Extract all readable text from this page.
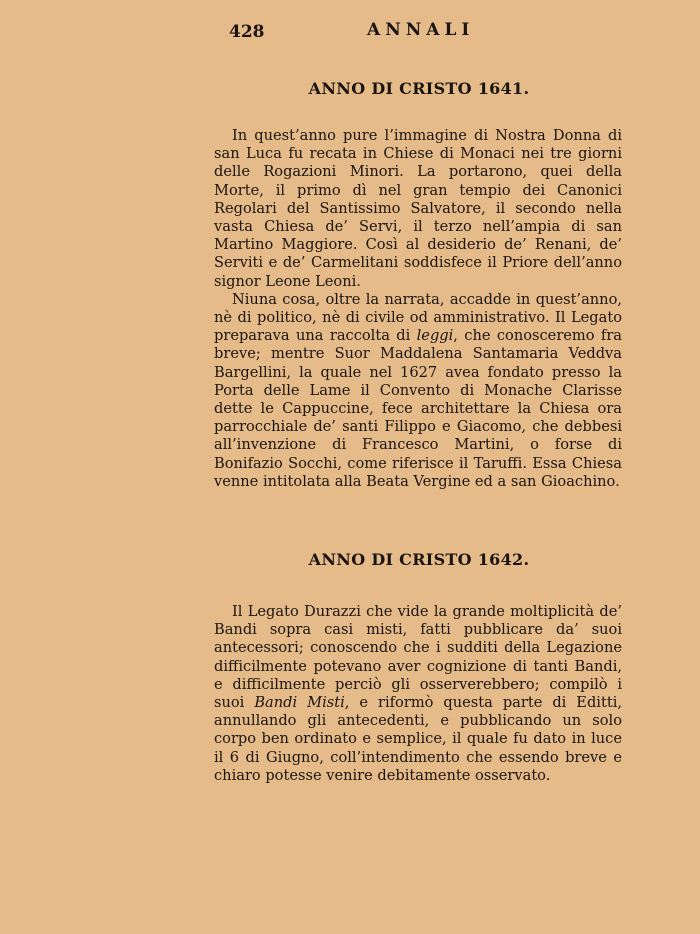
428	ANNALI
ANNO DI CRISTO 1641.

In quest’anno pure l’immagine di Nostra Donna di san Luca fu recata in Chiese di Monaci nei tre giorni delle Rogazioni Minori. La portarono, quei della Morte, il primo dì nel gran tempio dei Canonici Regolari del Santissimo Salvatore, il secondo nella vasta Chiesa de’ Servi, il terzo nell’ampia di san Martino Maggiore. Così al desiderio de’ Renani, de’ Serviti e de’ Carmelitani soddisfece il Priore dell’anno signor Leone Leoni.

Niuna cosa, oltre la narrata, accadde in quest’anno, nè di politico, nè di civile od amministrativo. Il Legato preparava una raccolta di leggi, che conosceremo fra breve; mentre Suor Maddalena Santamaria Veddva Bargellini, la quale nel 1627 avea fondato presso la Porta delle Lame il Convento di Monache Clarisse dette le Cappuccine, fece architettare la Chiesa ora parrocchiale de’ santi Filippo e Giacomo, che debbesi all’invenzione di Francesco Martini, o forse di Bonifazio Socchi, come riferisce il Taruffi. Essa Chiesa venne intitolata alla Beata Vergine ed a san Gioachino.

ANNO DI CRISTO 1642.

Il Legato Durazzi che vide la grande moltiplicità de’ Bandi sopra casi misti, fatti pubblicare da’ suoi antecessori; conoscendo che i sudditi della Legazione difficilmente potevano aver cognizione di tanti Bandi, e difficilmente perciò gli osserverebbero; compilò i suoi Bandi Misti, e riformò questa parte di Editti, annullando gli antecedenti, e pubblicando un solo corpo ben ordinato e semplice, il quale fu dato in luce il 6 di Giugno, coll’intendimento che essendo breve e chiaro potesse venire debitamente osservato.
